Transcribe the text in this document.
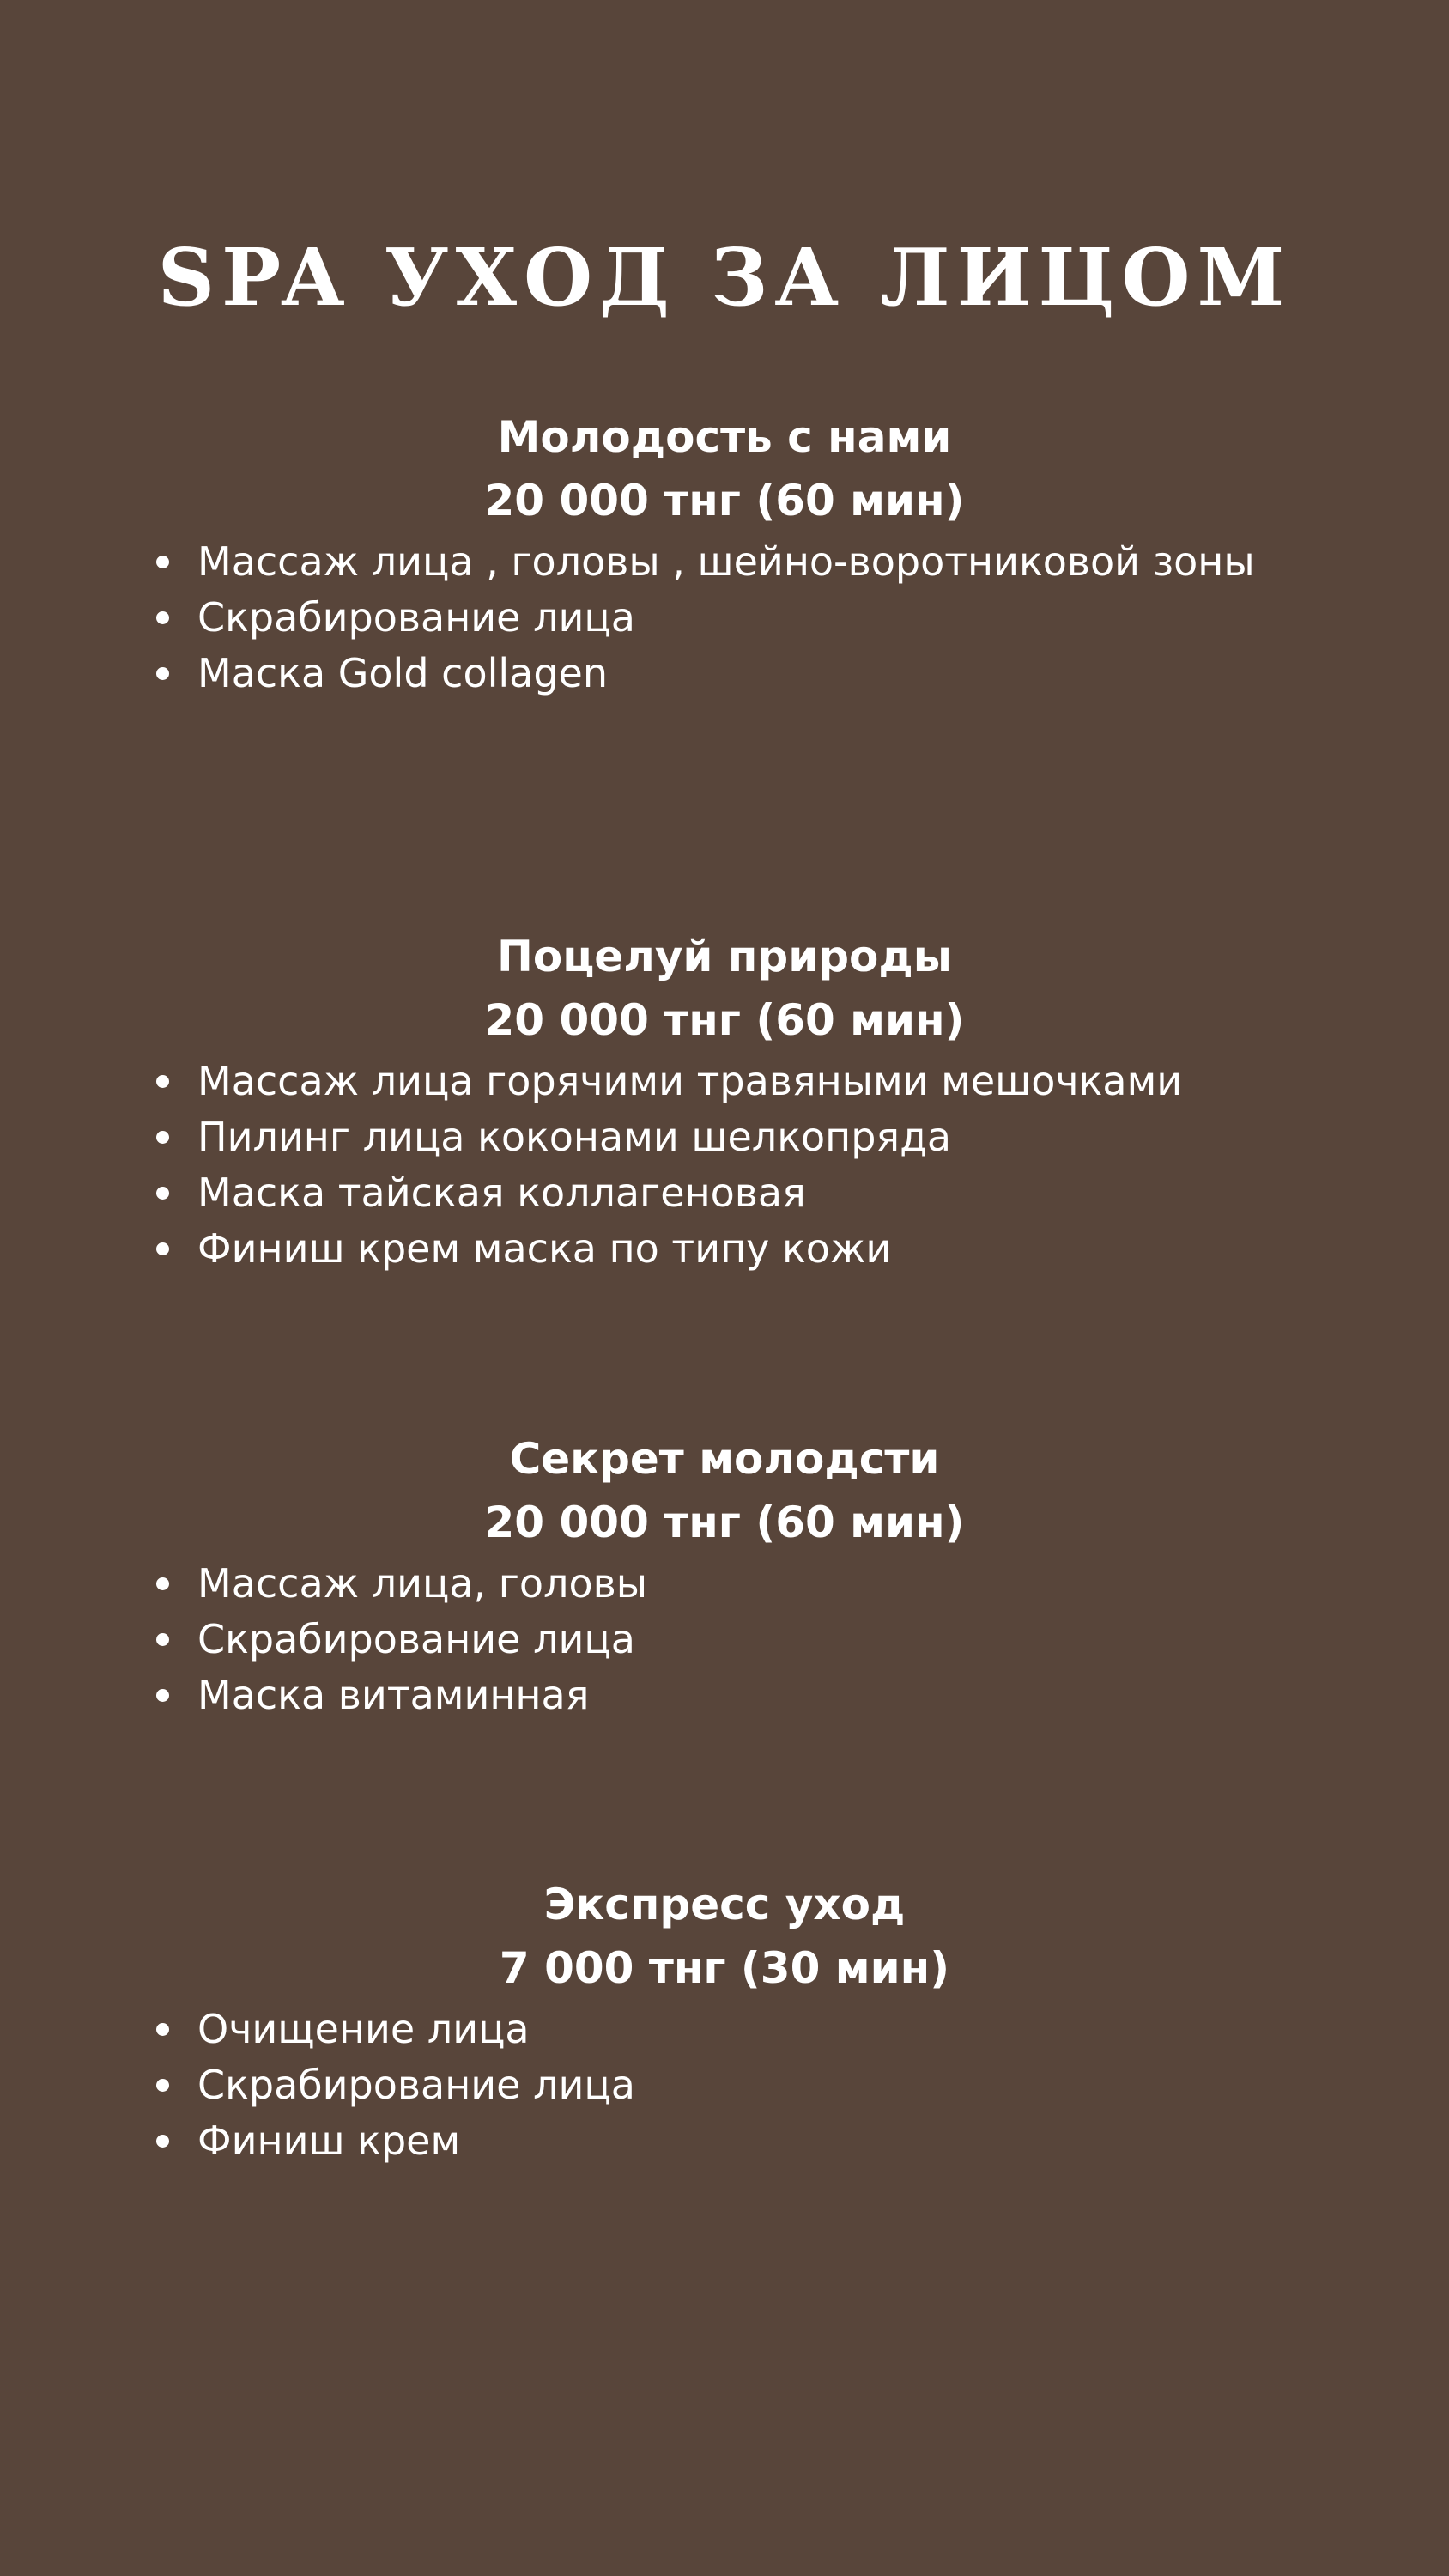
SPA УХОД ЗА ЛИЦОМ
Молодость с нами
20 000 тнг (60 мин)
Массаж лица , головы , шейно-воротниковой зоны
Скрабирование лица
Маска Gold collagen
Поцелуй природы
20 000 тнг (60 мин)
Массаж лица горячими травяными мешочками
Пилинг лица коконами шелкопряда
Маска тайская коллагеновая
Финиш крем маска по типу кожи
Секрет молодсти
20 000 тнг (60 мин)
Массаж лица, головы
Скрабирование лица
Маска витаминная
Экспресс уход
7 000 тнг (30 мин)
Очищение лица
Скрабирование лица
Финиш крем
